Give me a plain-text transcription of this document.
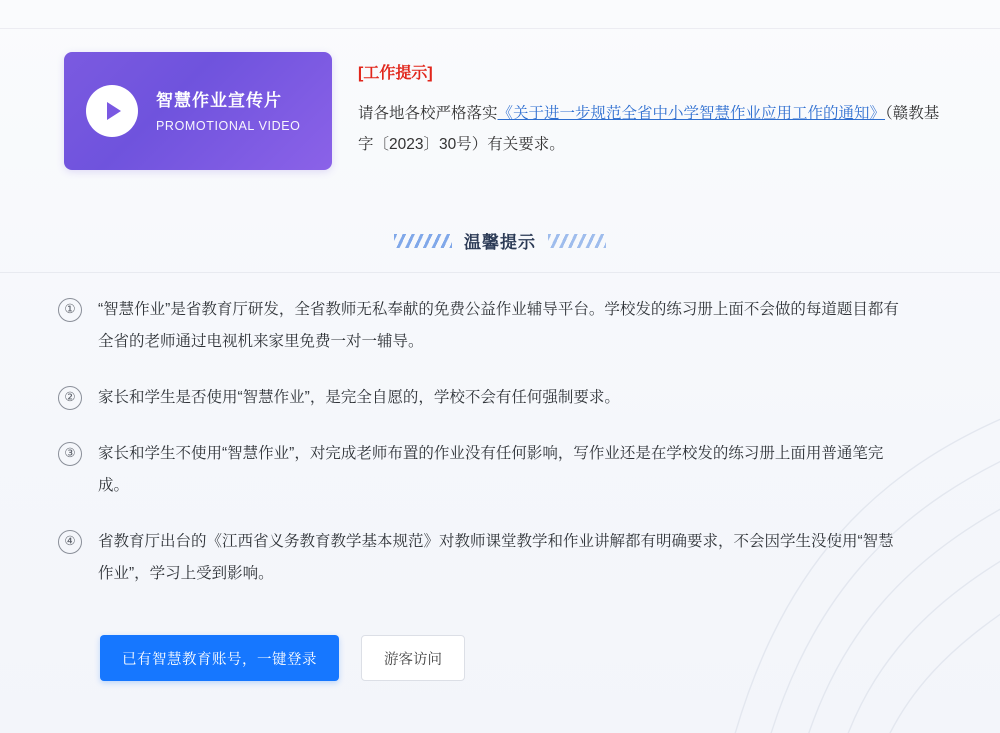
智慧作业宣传片
PROMOTIONAL VIDEO
[工作提示]
请各地各校严格落实《关于进一步规范全省中小学智慧作业应用工作的通知》（赣教基字〔2023〕30号）有关要求。
温馨提示
①	“智慧作业”是省教育厅研发，全省教师无私奉献的免费公益作业辅导平台。学校发的练习册上面不会做的每道题目都有全省的老师通过电视机来家里免费一对一辅导。
②	家长和学生是否使用“智慧作业”，是完全自愿的，学校不会有任何强制要求。
③	家长和学生不使用“智慧作业”，对完成老师布置的作业没有任何影响，写作业还是在学校发的练习册上面用普通笔完成。
④	省教育厅出台的《江西省义务教育教学基本规范》对教师课堂教学和作业讲解都有明确要求，不会因学生没使用“智慧作业”，学习上受到影响。
已有智慧教育账号，一键登录	游客访问
